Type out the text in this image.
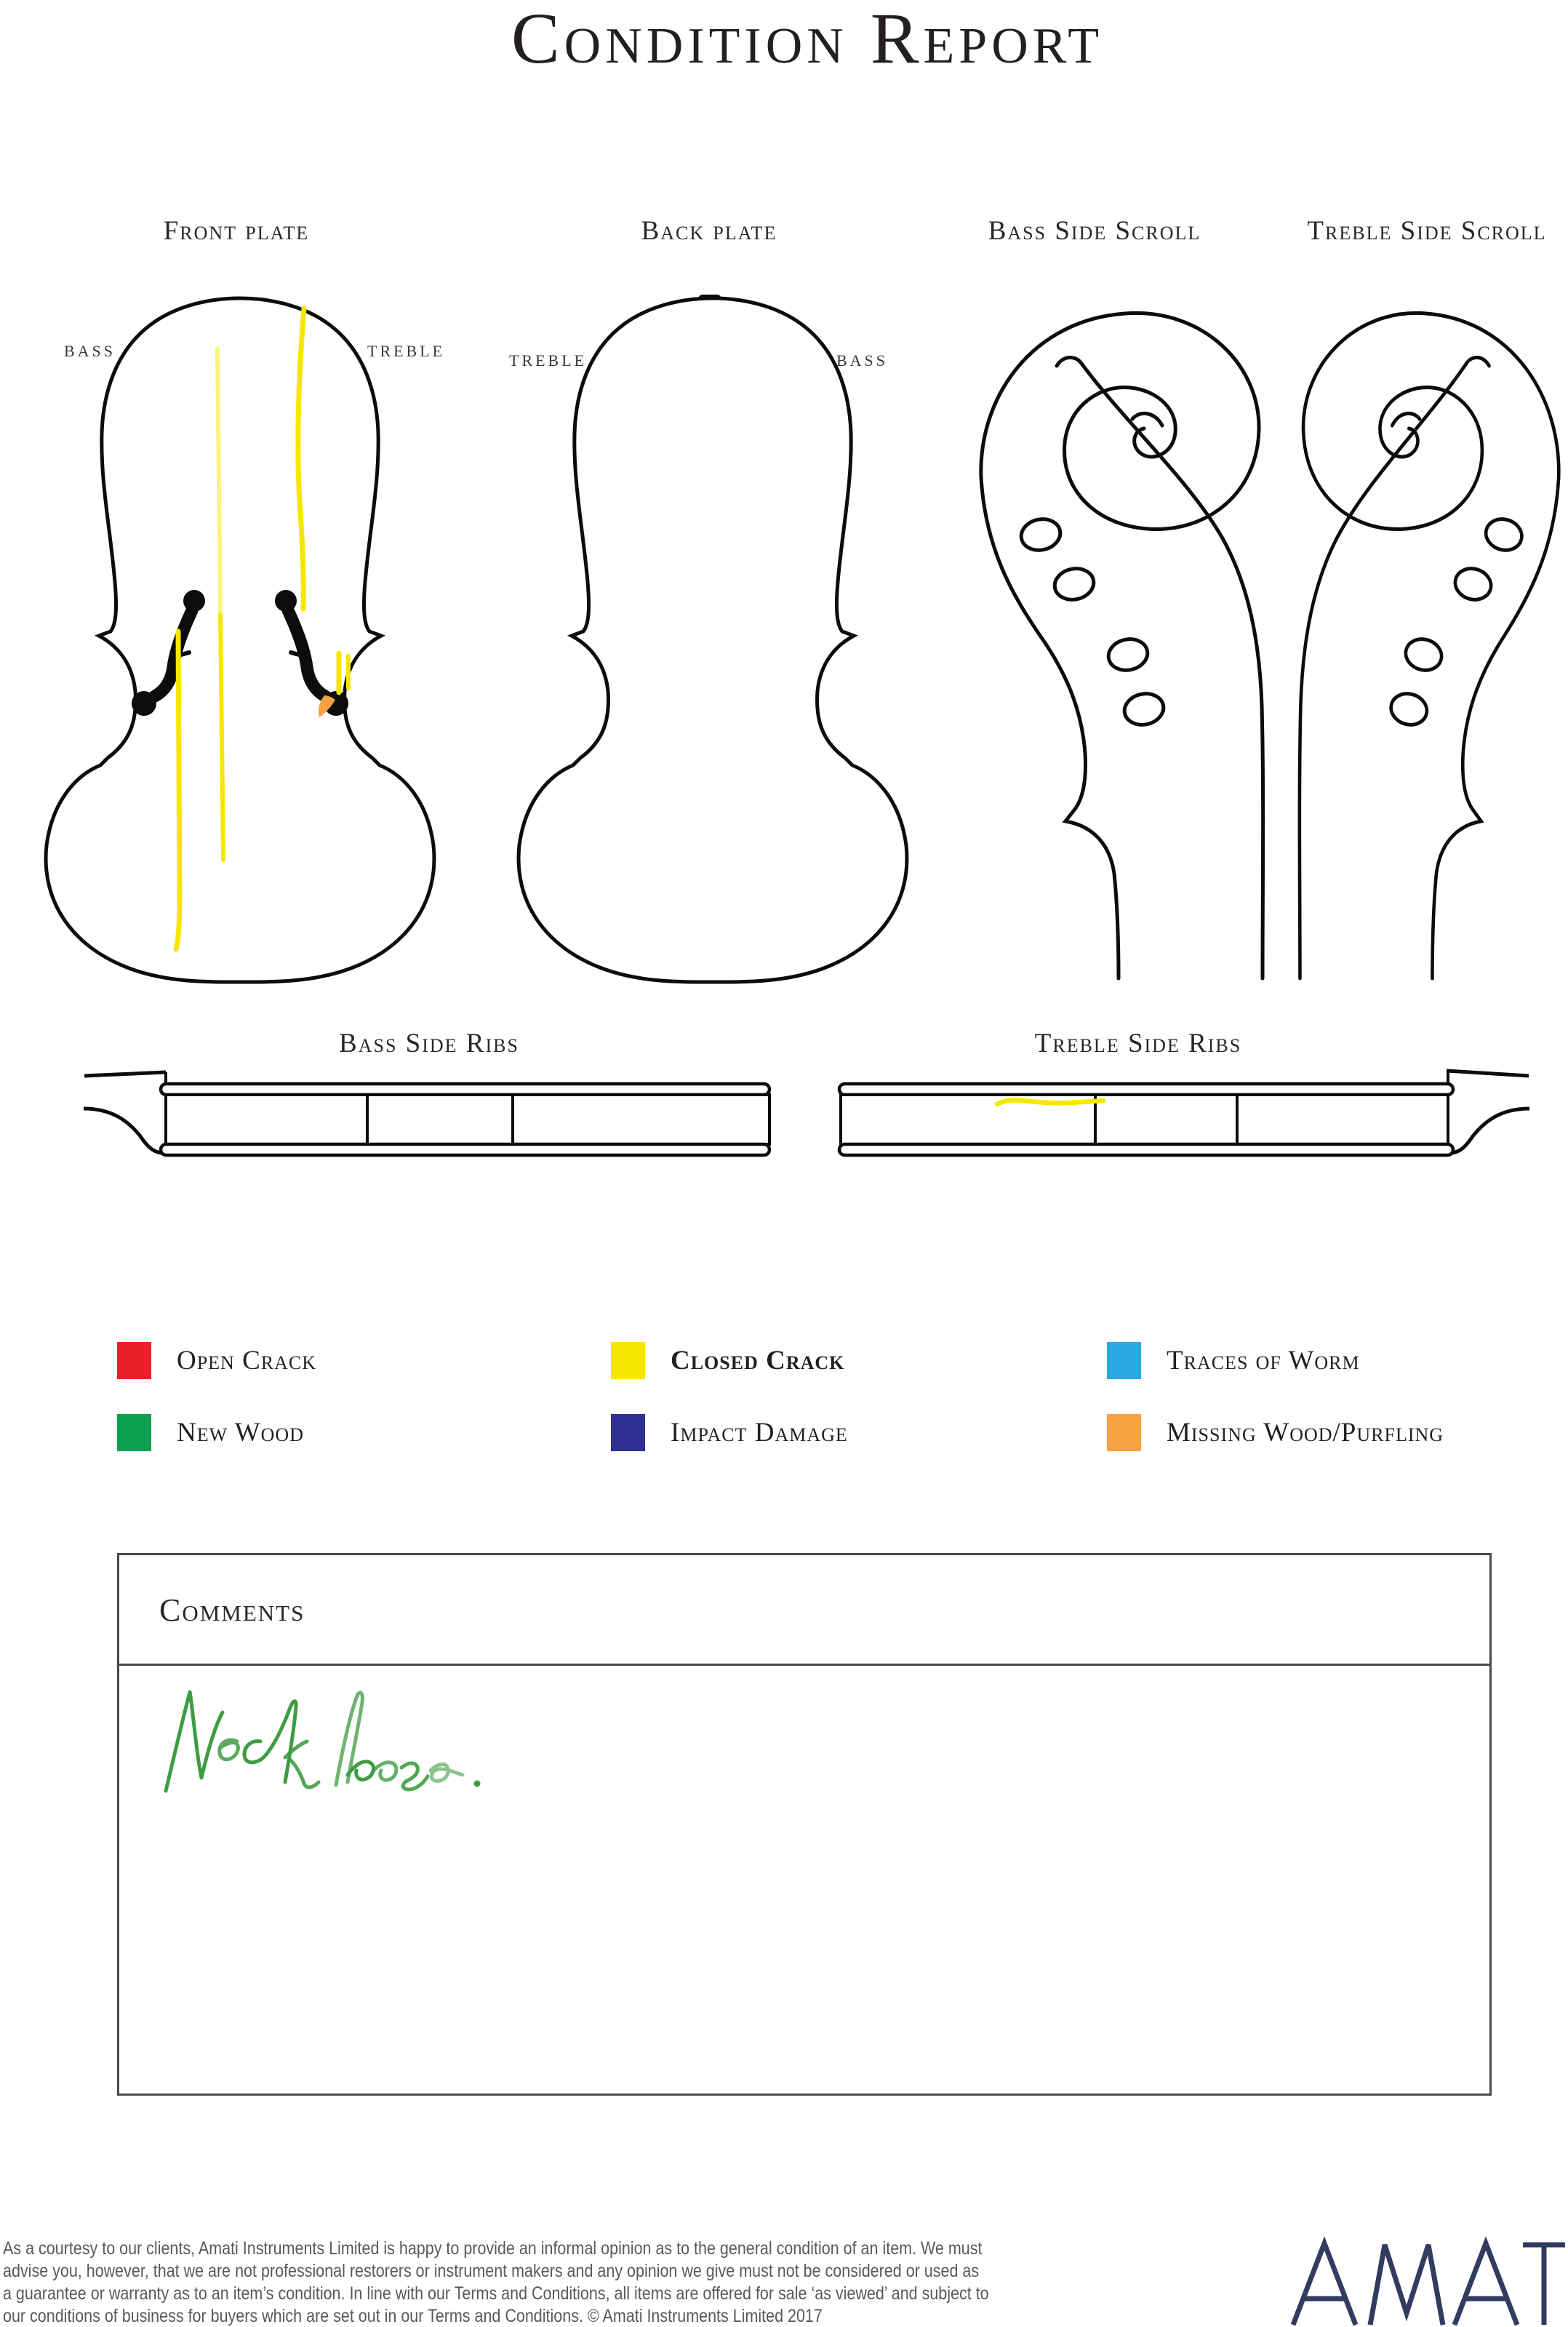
Condition Report
Front plate	Back plate	Bass Side Scroll	Treble Side Scroll
BASS	TREBLE
TREBLE	BASS
Bass Side Ribs	Treble Side Ribs
Open Crack	Closed Crack	Traces of Worm
New Wood	Impact Damage	Missing Wood/Purfling
Comments
As a courtesy to our clients, Amati Instruments Limited is happy to provide an informal opinion as to the general condition of an item. We must
advise you, however, that we are not professional restorers or instrument makers and any opinion we give must not be considered or used as
a guarantee or warranty as to an item’s condition. In line with our Terms and Conditions, all items are offered for sale ‘as viewed’ and subject to
our conditions of business for buyers which are set out in our Terms and Conditions. © Amati Instruments Limited 2017
